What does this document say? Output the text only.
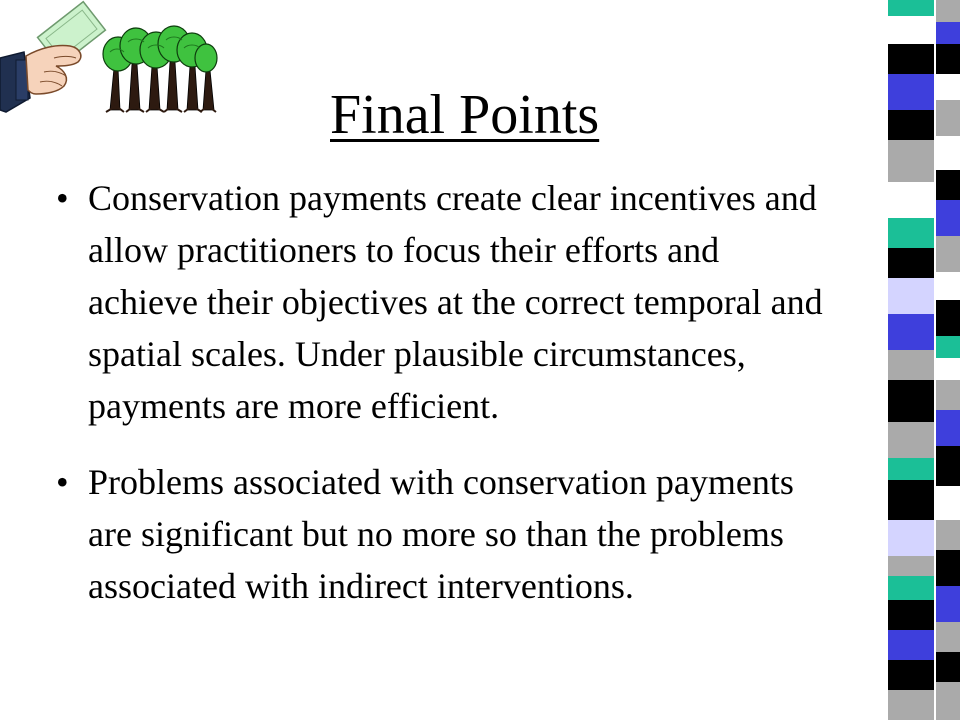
Final Points
• Conservation payments create clear incentives and allow practitioners to focus their efforts and achieve their objectives at the correct temporal and spatial scales. Under plausible circumstances, payments are more efficient.
• Problems associated with conservation payments are significant but no more so than the problems associated with indirect interventions.
